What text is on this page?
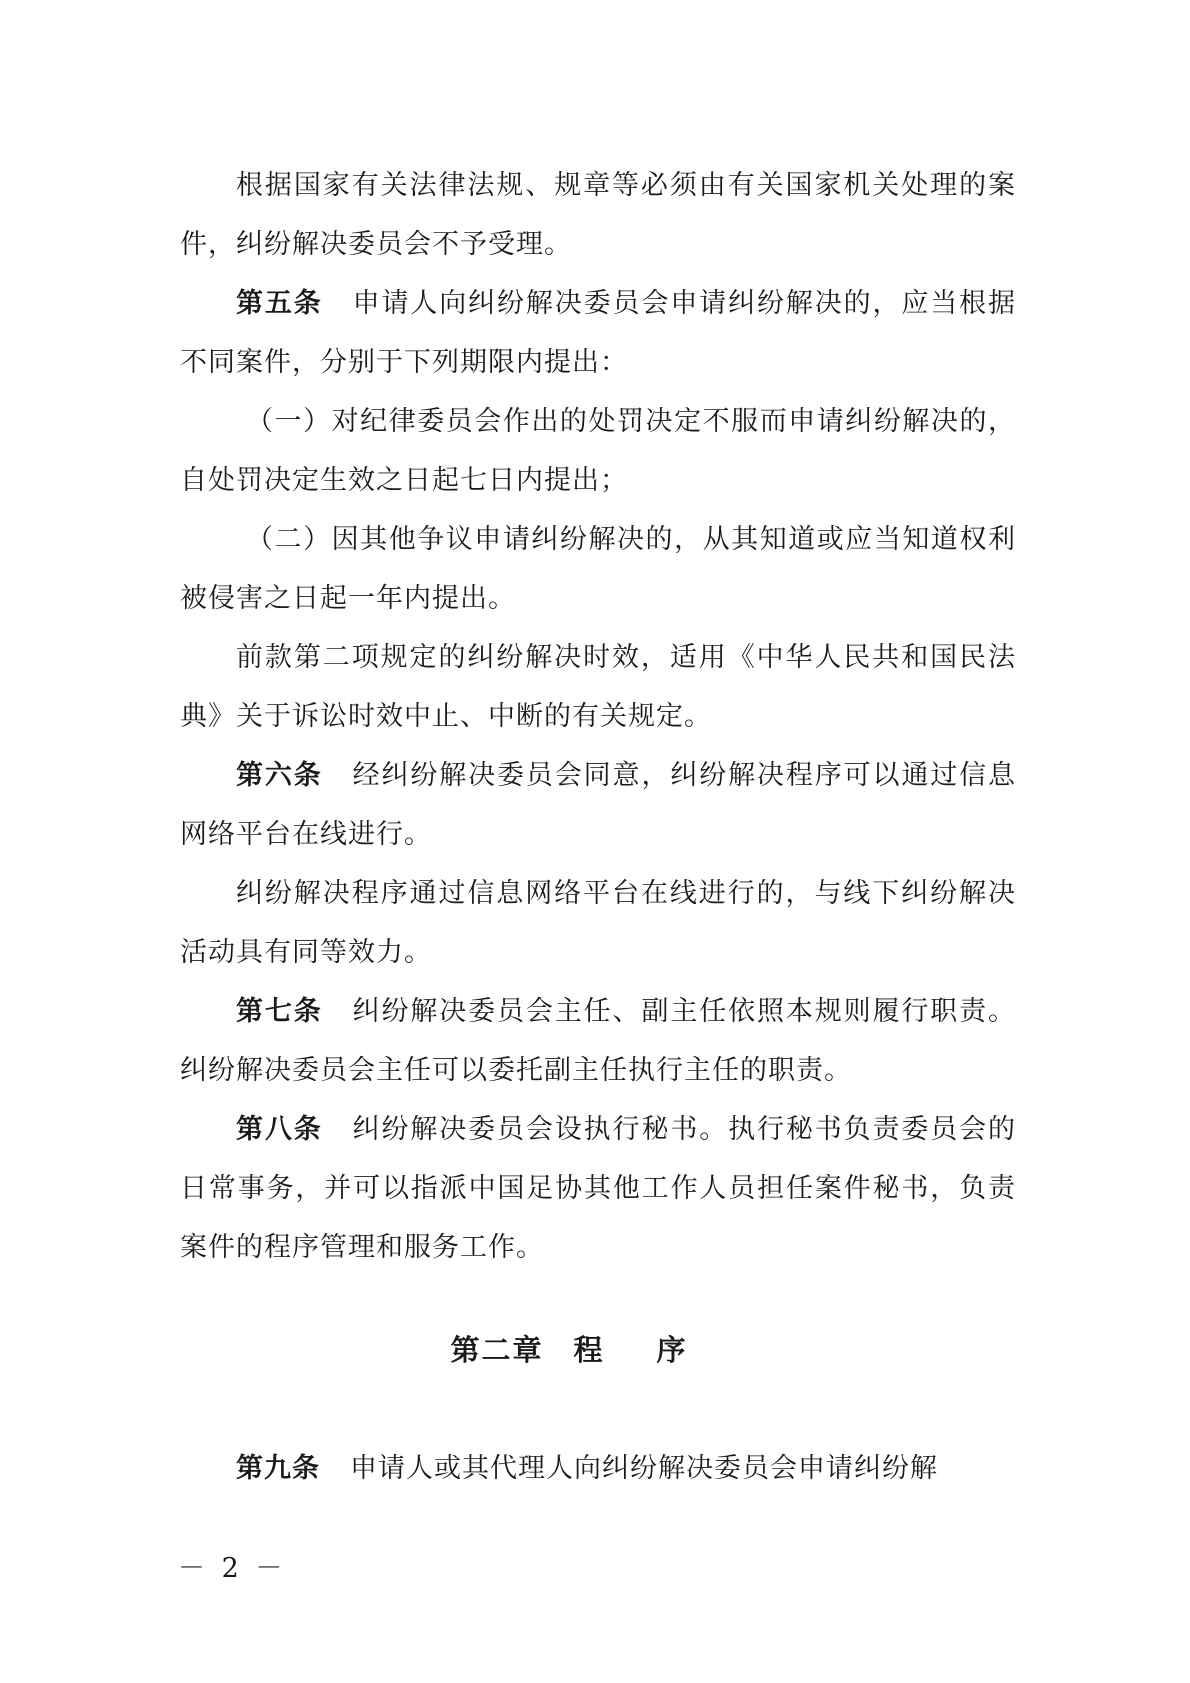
根据国家有关法律法规、规章等必须由有关国家机关处理的案件，纠纷解决委员会不予受理。

第五条 申请人向纠纷解决委员会申请纠纷解决的，应当根据不同案件，分别于下列期限内提出：

（一）对纪律委员会作出的处罚决定不服而申请纠纷解决的，自处罚决定生效之日起七日内提出；

（二）因其他争议申请纠纷解决的，从其知道或应当知道权利被侵害之日起一年内提出。

前款第二项规定的纠纷解决时效，适用《中华人民共和国民法典》关于诉讼时效中止、中断的有关规定。

第六条 经纠纷解决委员会同意，纠纷解决程序可以通过信息网络平台在线进行。

纠纷解决程序通过信息网络平台在线进行的，与线下纠纷解决活动具有同等效力。

第七条 纠纷解决委员会主任、副主任依照本规则履行职责。纠纷解决委员会主任可以委托副主任执行主任的职责。

第八条 纠纷解决委员会设执行秘书。执行秘书负责委员会的日常事务，并可以指派中国足协其他工作人员担任案件秘书，负责案件的程序管理和服务工作。

第二章 程序

第九条 申请人或其代理人向纠纷解决委员会申请纠纷解

－ 2 －
